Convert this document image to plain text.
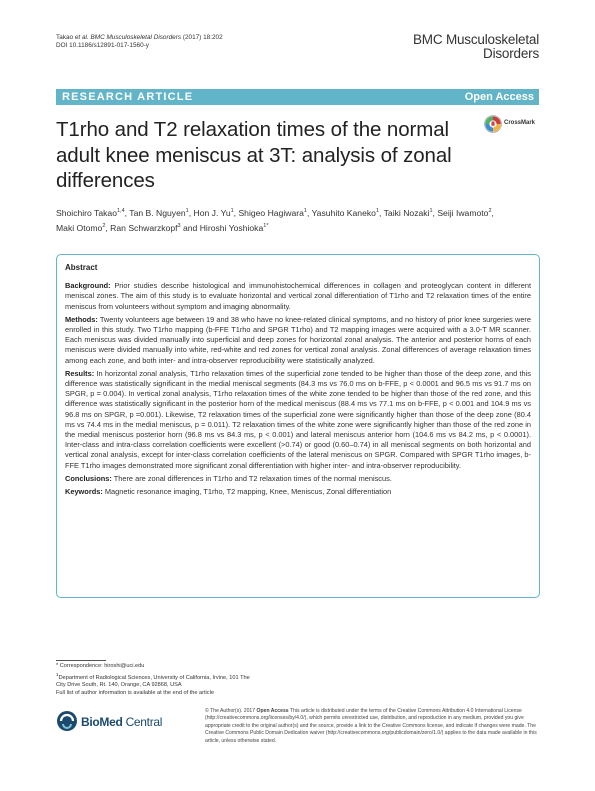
Takao et al. BMC Musculoskeletal Disorders (2017) 18:202
DOI 10.1186/s12891-017-1560-y	BMC Musculoskeletal
Disorders
RESEARCH ARTICLE	Open Access
T1rho and T2 relaxation times of the normal adult knee meniscus at 3T: analysis of zonal differences
CrossMark
Shoichiro Takao$^{1,4}$, Tan B. Nguyen$^1$, Hon J. Yu$^1$, Shigeo Hagiwara$^1$, Yasuhito Kaneko$^1$, Taiki Nozaki$^1$, Seiji Iwamoto$^2$,
Maki Otomo$^2$, Ran Schwarzkopf$^3$ and Hiroshi Yoshioka$^{1*}$
Abstract

Background: Prior studies describe histological and immunohistochemical differences in collagen and proteoglycan content in different meniscal zones. The aim of this study is to evaluate horizontal and vertical zonal differentiation of T1rho and T2 relaxation times of the entire meniscus from volunteers without symptom and imaging abnormality.

Methods: Twenty volunteers age between 19 and 38 who have no knee-related clinical symptoms, and no history of prior knee surgeries were enrolled in this study. Two T1rho mapping (b-FFE T1rho and SPGR T1rho) and T2 mapping images were acquired with a 3.0-T MR scanner. Each meniscus was divided manually into superficial and deep zones for horizontal zonal analysis. The anterior and posterior horns of each meniscus were divided manually into white, red-white and red zones for vertical zonal analysis. Zonal differences of average relaxation times among each zone, and both inter- and intra-observer reproducibility were statistically analyzed.

Results: In horizontal zonal analysis, T1rho relaxation times of the superficial zone tended to be higher than those of the deep zone, and this difference was statistically significant in the medial meniscal segments (84.3 ms vs 76.0 ms on b-FFE, p < 0.0001 and 96.5 ms vs 91.7 ms on SPGR, p = 0.004). In vertical zonal analysis, T1rho relaxation times of the white zone tended to be higher than those of the red zone, and this difference was statistically significant in the posterior horn of the medical meniscus (88.4 ms vs 77.1 ms on b-FFE, p < 0.001 and 104.9 ms vs 96.8 ms on SPGR, p =0.001). Likewise, T2 relaxation times of the superficial zone were significantly higher than those of the deep zone (80.4 ms vs 74.4 ms in the medial meniscus, p = 0.011). T2 relaxation times of the white zone were significantly higher than those of the red zone in the medial meniscus posterior horn (96.8 ms vs 84.3 ms, p < 0.001) and lateral meniscus anterior horn (104.6 ms vs 84.2 ms, p < 0.0001). Inter-class and intra-class correlation coefficients were excellent (>0.74) or good (0.60–0.74) in all meniscal segments on both horizontal and vertical zonal analysis, except for inter-class correlation coefficients of the lateral meniscus on SPGR. Compared with SPGR T1rho images, b-FFE T1rho images demonstrated more significant zonal differentiation with higher inter- and intra-observer reproducibility.

Conclusions: There are zonal differences in T1rho and T2 relaxation times of the normal meniscus.

Keywords: Magnetic resonance imaging, T1rho, T2 mapping, Knee, Meniscus, Zonal differentiation

* Correspondence: hiroshi@uci.edu
$^1$Department of Radiological Sciences, University of California, Irvine, 101 The
City Drive South, Rt. 140, Orange, CA 92868, USA
Full list of author information is available at the end of the article
BioMed Central
© The Author(s). 2017 Open Access This article is distributed under the terms of the Creative Commons Attribution 4.0 International License (http://creativecommons.org/licenses/by/4.0/), which permits unrestricted use, distribution, and reproduction in any medium, provided you give appropriate credit to the original author(s) and the source, provide a link to the Creative Commons license, and indicate if changes were made. The Creative Commons Public Domain Dedication waiver (http://creativecommons.org/publicdomain/zero/1.0/) applies to the data made available in this article, unless otherwise stated.
